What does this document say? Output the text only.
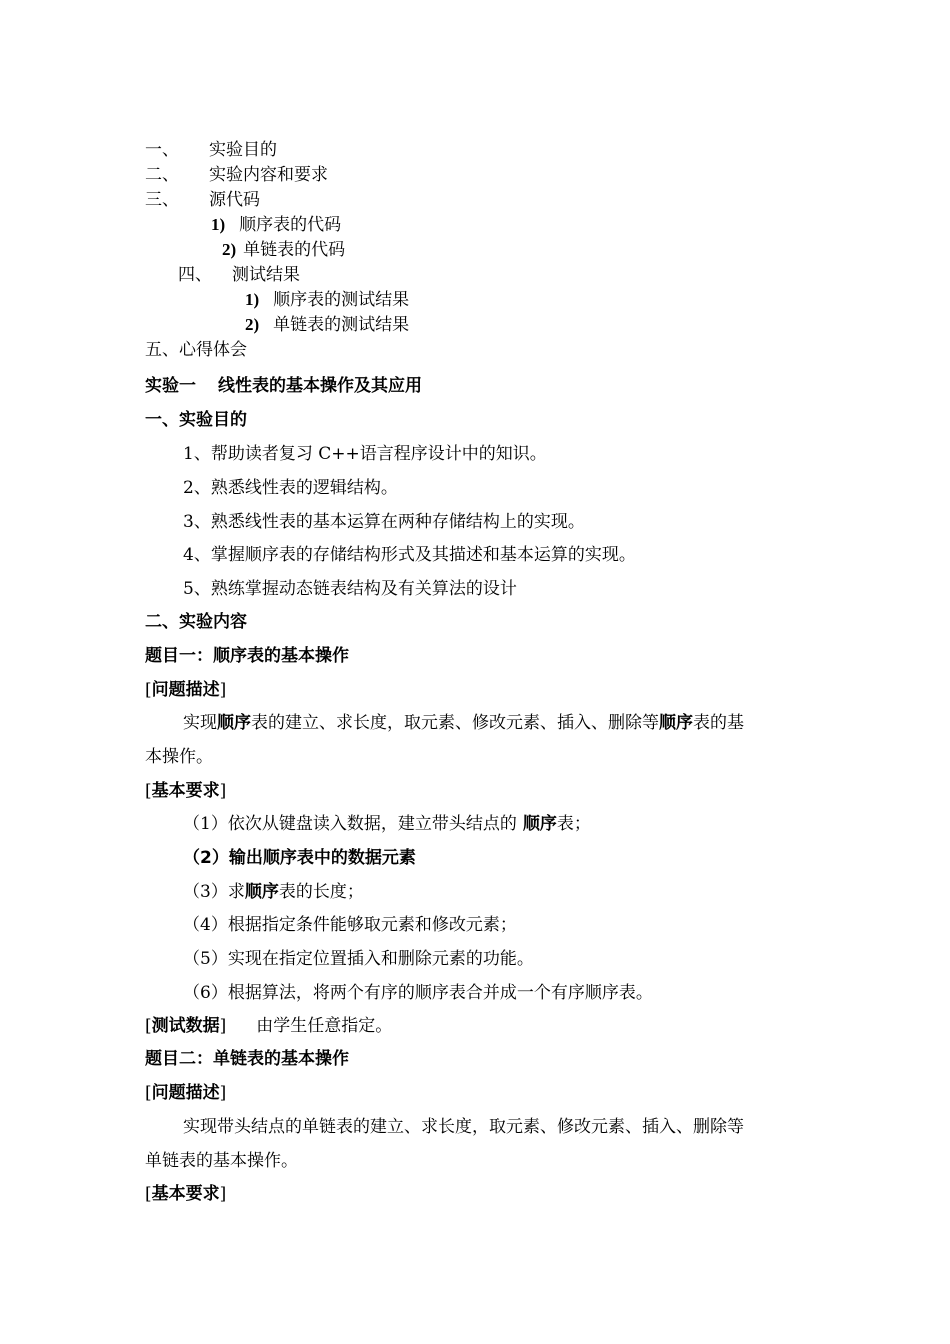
一、 实验目的
二、 实验内容和要求
三、 源代码
1) 顺序表的代码
2) 单链表的代码
四、 测试结果
1) 顺序表的测试结果
2) 单链表的测试结果
五、心得体会
实验一 线性表的基本操作及其应用
一、实验目的
1、帮助读者复习 C++语言程序设计中的知识。
2、熟悉线性表的逻辑结构。
3、熟悉线性表的基本运算在两种存储结构上的实现。
4、掌握顺序表的存储结构形式及其描述和基本运算的实现。
5、熟练掌握动态链表结构及有关算法的设计
二、实验内容
题目一：顺序表的基本操作
[问题描述]
实现顺序表的建立、求长度，取元素、修改元素、插入、删除等顺序表的基
本操作。
[基本要求]
（1）依次从键盘读入数据，建立带头结点的 顺序表；
（2）输出顺序表中的数据元素
（3）求顺序表的长度；
（4）根据指定条件能够取元素和修改元素；
（5）实现在指定位置插入和删除元素的功能。
（6）根据算法，将两个有序的顺序表合并成一个有序顺序表。
[测试数据] 由学生任意指定。
题目二：单链表的基本操作
[问题描述]
实现带头结点的单链表的建立、求长度，取元素、修改元素、插入、删除等
单链表的基本操作。
[基本要求]
